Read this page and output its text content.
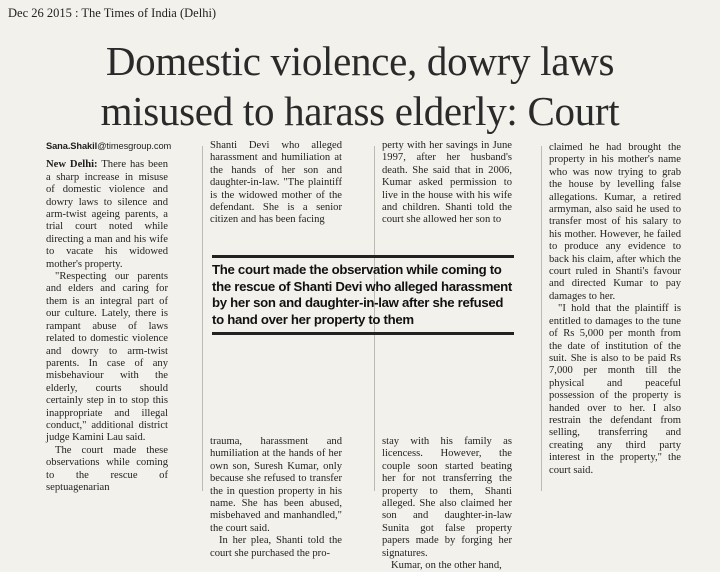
Dec 26 2015 : The Times of India (Delhi)
Domestic violence, dowry laws
misused to harass elderly: Court
Sana.Shakil@timesgroup.com

New Delhi: There has been a sharp increase in misuse of domestic violence and dowry laws to silence and arm-twist ageing parents, a trial court noted while directing a man and his wife to vacate his widowed mother's property.

"Respecting our parents and elders and caring for them is an integral part of our culture. Lately, there is rampant abuse of laws related to domestic violence and dowry to arm-twist parents. In case of any misbehaviour with the elderly, courts should certainly step in to stop this inappropriate and illegal conduct," additional district judge Kamini Lau said.

The court made these observations while coming to the rescue of septuagenarian

Shanti Devi who alleged harassment and humiliation at the hands of her son and daughter-in-law. "The plaintiff is the widowed mother of the defendant. She is a senior citizen and has been facing

trauma, harassment and humiliation at the hands of her own son, Suresh Kumar, only because she refused to transfer the in question property in his name. She has been abused, misbehaved and manhandled," the court said.

In her plea, Shanti told the court she purchased the pro-

perty with her savings in June 1997, after her husband's death. She said that in 2006, Kumar asked permission to live in the house with his wife and children. Shanti told the court she allowed her son to

stay with his family as licencess. However, the couple soon started beating her for not transferring the property to them, Shanti alleged. She also claimed her son and daughter-in-law Sunita got false property papers made by forging her signatures.

Kumar, on the other hand,

claimed he had brought the property in his mother's name who was now trying to grab the house by levelling false allegations. Kumar, a retired armyman, also said he used to transfer most of his salary to his mother. However, he failed to produce any evidence to back his claim, after which the court ruled in Shanti's favour and directed Kumar to pay damages to her.

"I hold that the plaintiff is entitled to damages to the tune of Rs 5,000 per month from the date of institution of the suit. She is also to be paid Rs 7,000 per month till the physical and peaceful possession of the property is handed over to her. I also restrain the defendant from selling, transferring and creating any third party interest in the property," the court said.

The court made the observation while coming to the rescue of Shanti Devi who alleged harassment by her son and daughter-in-law after she refused to hand over her property to them
